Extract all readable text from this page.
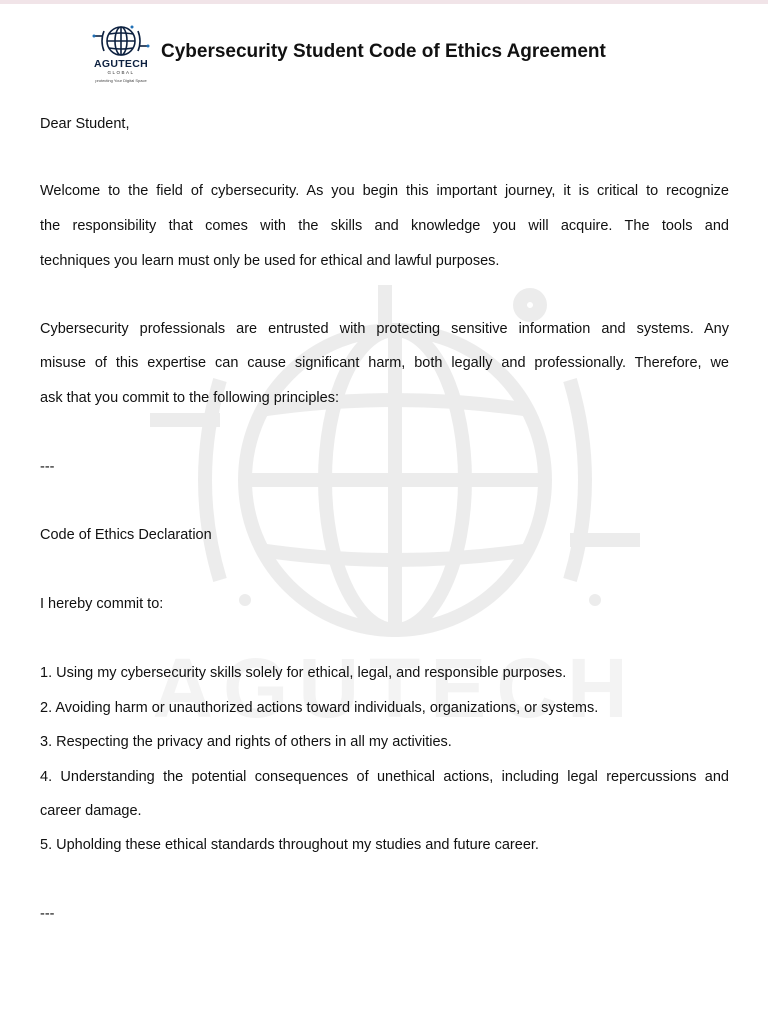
AGUTECH
GLOBAL
protecting Your Digital Space
Cybersecurity Student Code of Ethics Agreement

Dear Student,

Welcome to the field of cybersecurity. As you begin this important journey, it is critical to recognize

the responsibility that comes with the skills and knowledge you will acquire. The tools and

techniques you learn must only be used for ethical and lawful purposes.

Cybersecurity professionals are entrusted with protecting sensitive information and systems. Any

misuse of this expertise can cause significant harm, both legally and professionally. Therefore, we

ask that you commit to the following principles:

---

Code of Ethics Declaration

I hereby commit to:

1. Using my cybersecurity skills solely for ethical, legal, and responsible purposes.

2. Avoiding harm or unauthorized actions toward individuals, organizations, or systems.

3. Respecting the privacy and rights of others in all my activities.

4. Understanding the potential consequences of unethical actions, including legal repercussions and

career damage.

5. Upholding these ethical standards throughout my studies and future career.

---
